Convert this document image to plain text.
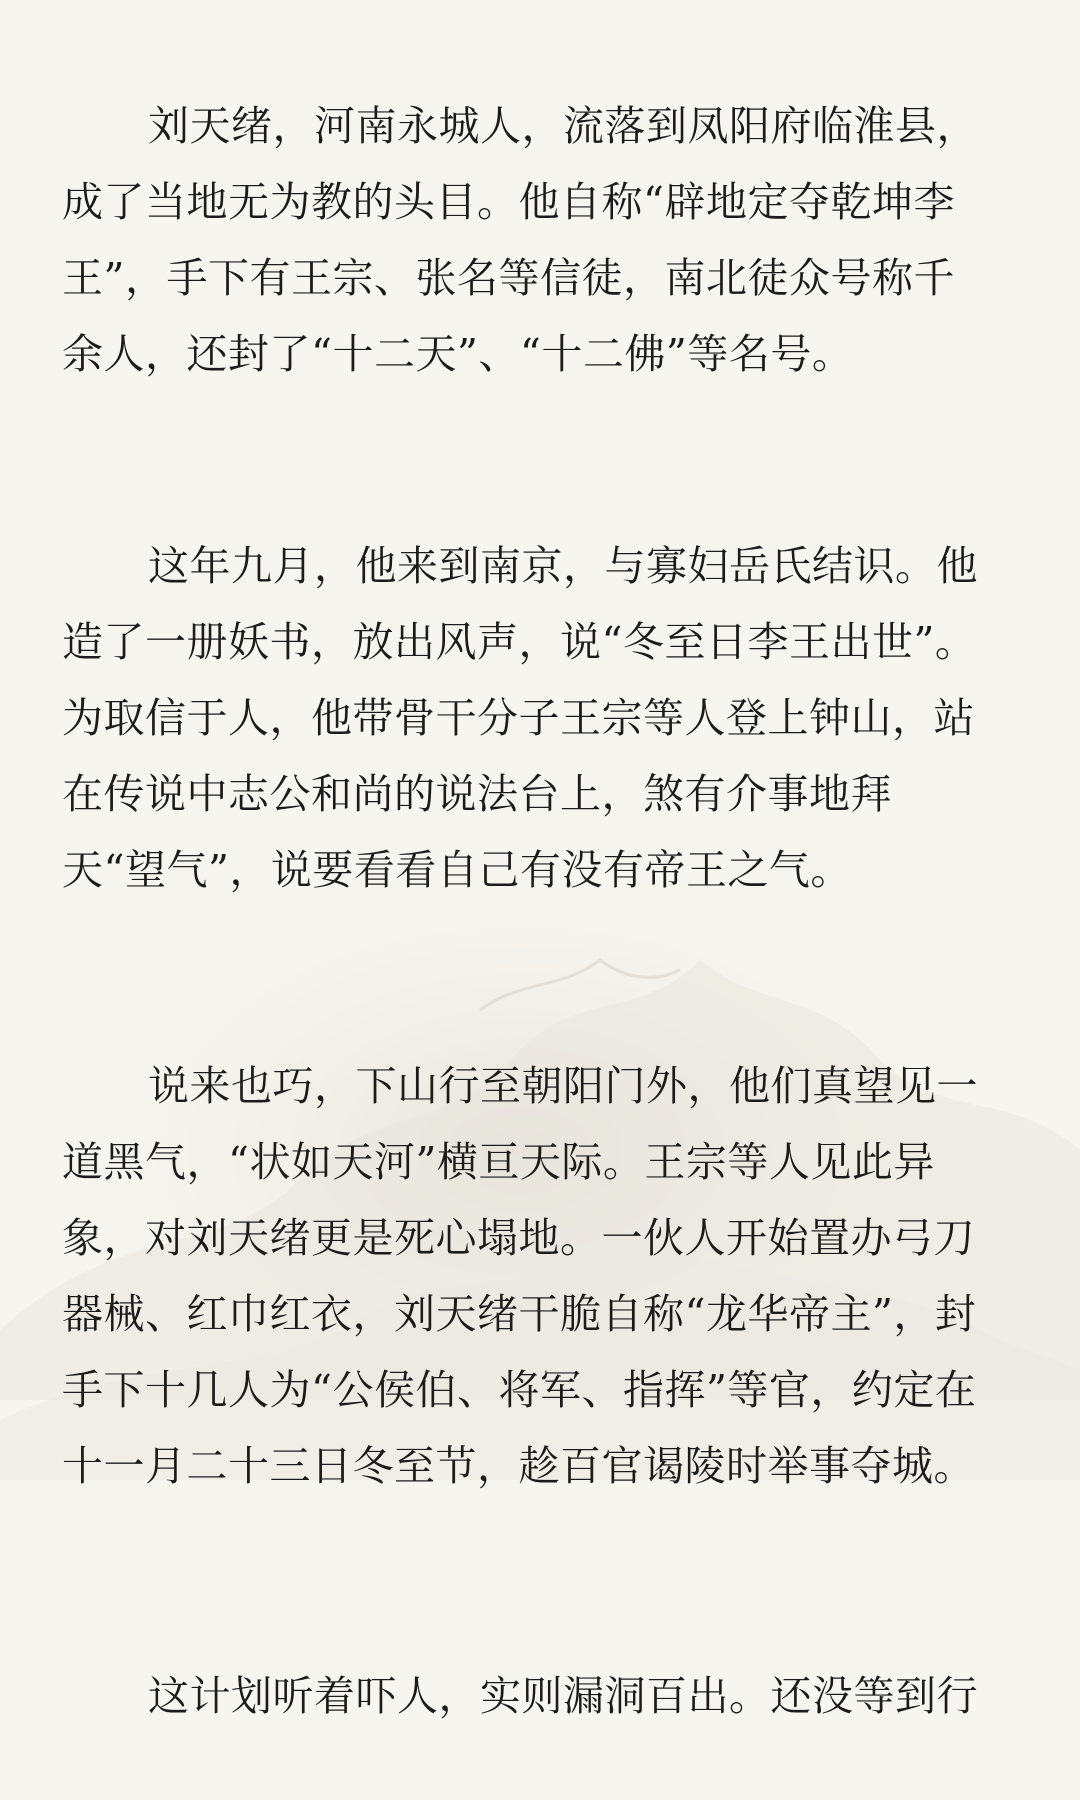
刘天绪，河南永城人，流落到凤阳府临淮县，
成了当地无为教的头目。他自称“辟地定夺乾坤李
王”，手下有王宗、张名等信徒，南北徒众号称千
余人，还封了“十二天”、“十二佛”等名号。
这年九月，他来到南京，与寡妇岳氏结识。他
造了一册妖书，放出风声，说“冬至日李王出世”。
为取信于人，他带骨干分子王宗等人登上钟山，站
在传说中志公和尚的说法台上，煞有介事地拜
天“望气”，说要看看自己有没有帝王之气。
说来也巧，下山行至朝阳门外，他们真望见一
道黑气，“状如天河”横亘天际。王宗等人见此异
象，对刘天绪更是死心塌地。一伙人开始置办弓刀
器械、红巾红衣，刘天绪干脆自称“龙华帝主”，封
手下十几人为“公侯伯、将军、指挥”等官，约定在
十一月二十三日冬至节，趁百官谒陵时举事夺城。
这计划听着吓人，实则漏洞百出。还没等到行
